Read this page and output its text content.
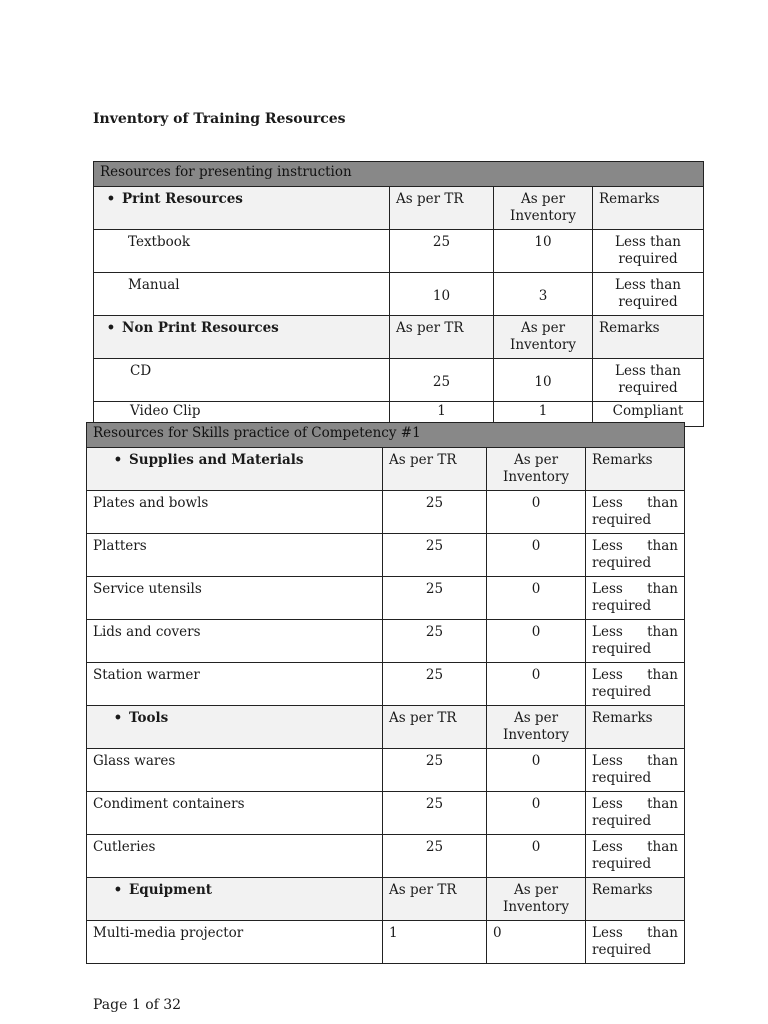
Inventory of Training Resources
Resources for presenting instruction			
• Print Resources	As per TR	As per Inventory	Remarks
Textbook	25	10	Less than required
Manual	10	3	Less than required
• Non Print Resources	As per TR	As per Inventory	Remarks
CD	25	10	Less than required
Video Clip	1	1	Compliant
Resources for Skills practice of Competency #1			
• Supplies and Materials	As per TR	As per Inventory	Remarks
Plates and bowls	25	0	Less than required
Platters	25	0	Less than required
Service utensils	25	0	Less than required
Lids and covers	25	0	Less than required
Station warmer	25	0	Less than required
• Tools	As per TR	As per Inventory	Remarks
Glass wares	25	0	Less than required
Condiment containers	25	0	Less than required
Cutleries	25	0	Less than required
• Equipment	As per TR	As per Inventory	Remarks
Multi-media projector	1	0	Less than required
Page 1 of 32
